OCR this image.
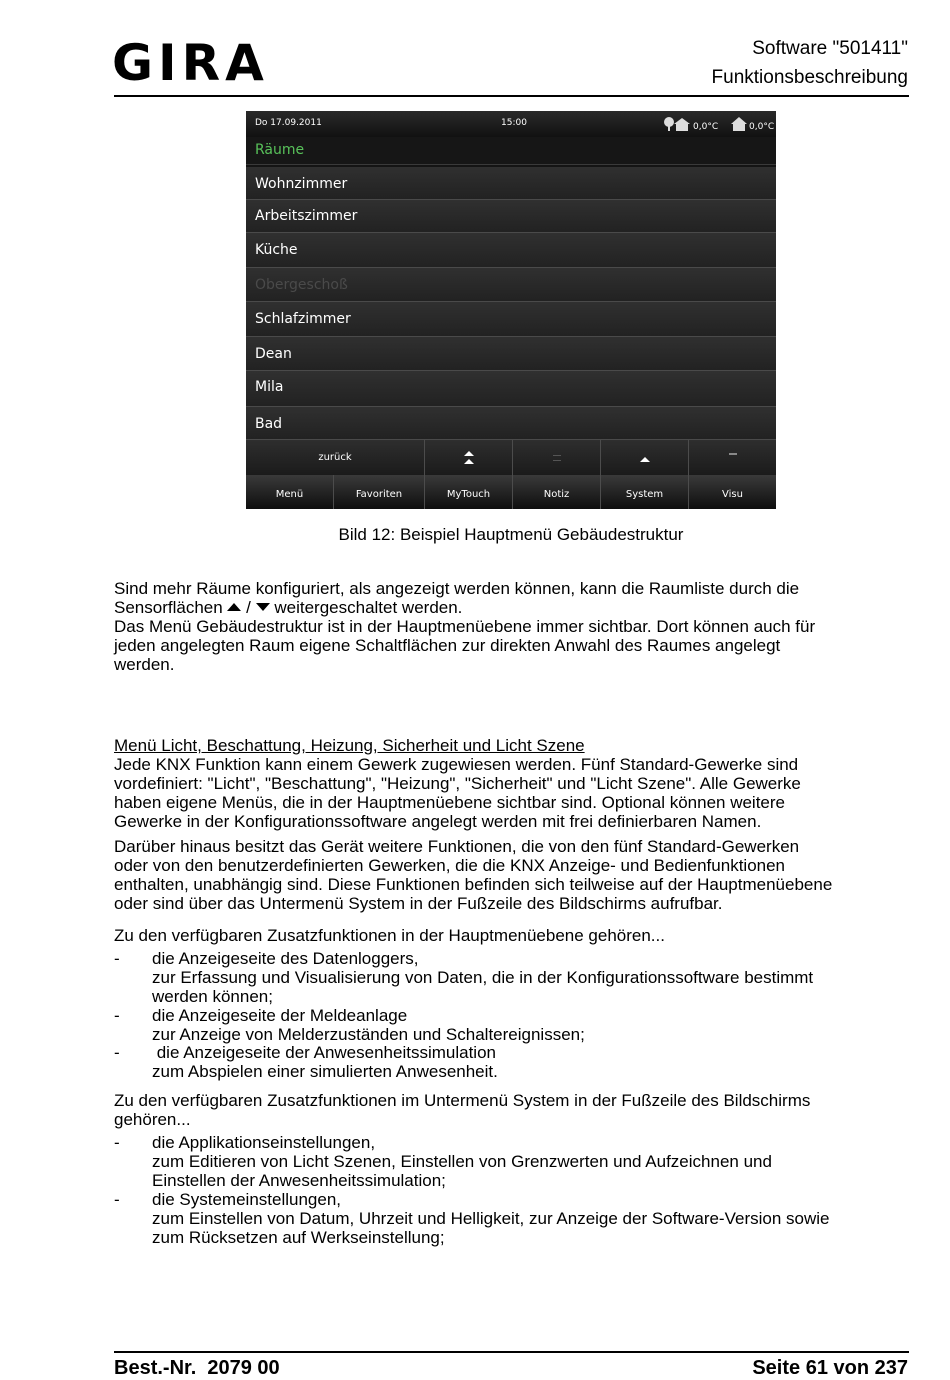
GIRA	Software "501411"
Funktionsbeschreibung
Do 17.09.2011	15:00	0,0°C	0,0°C
Räume
Wohnzimmer
Arbeitszimmer
Küche
Obergeschoß
Schlafzimmer
Dean
Mila
Bad
zurück
Menü	Favoriten	MyTouch	Notiz	System	Visu
Bild 12: Beispiel Hauptmenü Gebäudestruktur
Sind mehr Räume konfiguriert, als angezeigt werden können, kann die Raumliste durch die
Sensorflächen / weitergeschaltet werden.
Das Menü Gebäudestruktur ist in der Hauptmenüebene immer sichtbar. Dort können auch für
jeden angelegten Raum eigene Schaltflächen zur direkten Anwahl des Raumes angelegt
werden.
Menü Licht, Beschattung, Heizung, Sicherheit und Licht Szene
Jede KNX Funktion kann einem Gewerk zugewiesen werden. Fünf Standard-Gewerke sind
vordefiniert: "Licht", "Beschattung", "Heizung", "Sicherheit" und "Licht Szene". Alle Gewerke
haben eigene Menüs, die in der Hauptmenüebene sichtbar sind. Optional können weitere
Gewerke in der Konfigurationssoftware angelegt werden mit frei definierbaren Namen.
Darüber hinaus besitzt das Gerät weitere Funktionen, die von den fünf Standard-Gewerken
oder von den benutzerdefinierten Gewerken, die die KNX Anzeige- und Bedienfunktionen
enthalten, unabhängig sind. Diese Funktionen befinden sich teilweise auf der Hauptmenüebene
oder sind über das Untermenü System in der Fußzeile des Bildschirms aufrufbar.
Zu den verfügbaren Zusatzfunktionen in der Hauptmenüebene gehören...
- die Anzeigeseite des Datenloggers,
zur Erfassung und Visualisierung von Daten, die in der Konfigurationssoftware bestimmt
werden können;
- die Anzeigeseite der Meldeanlage
zur Anzeige von Melderzuständen und Schaltereignissen;
- die Anzeigeseite der Anwesenheitssimulation
zum Abspielen einer simulierten Anwesenheit.
Zu den verfügbaren Zusatzfunktionen im Untermenü System in der Fußzeile des Bildschirms
gehören...
- die Applikationseinstellungen,
zum Editieren von Licht Szenen, Einstellen von Grenzwerten und Aufzeichnen und
Einstellen der Anwesenheitssimulation;
- die Systemeinstellungen,
zum Einstellen von Datum, Uhrzeit und Helligkeit, zur Anzeige der Software-Version sowie
zum Rücksetzen auf Werkseinstellung;
Best.-Nr.  2079 00	Seite 61 von 237
